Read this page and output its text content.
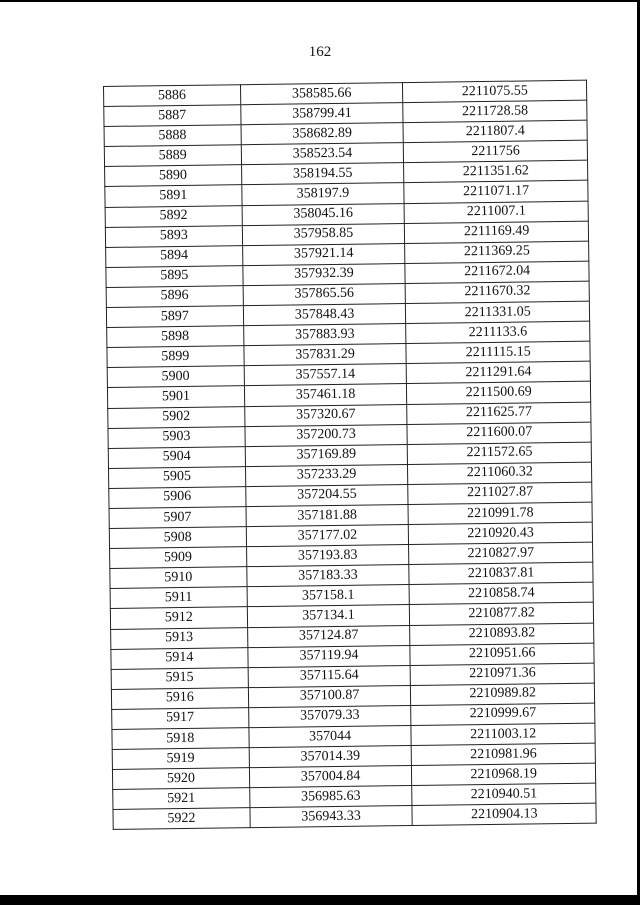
162
5886	358585.66	2211075.55
5887	358799.41	2211728.58
5888	358682.89	2211807.4
5889	358523.54	2211756
5890	358194.55	2211351.62
5891	358197.9	2211071.17
5892	358045.16	2211007.1
5893	357958.85	2211169.49
5894	357921.14	2211369.25
5895	357932.39	2211672.04
5896	357865.56	2211670.32
5897	357848.43	2211331.05
5898	357883.93	2211133.6
5899	357831.29	2211115.15
5900	357557.14	2211291.64
5901	357461.18	2211500.69
5902	357320.67	2211625.77
5903	357200.73	2211600.07
5904	357169.89	2211572.65
5905	357233.29	2211060.32
5906	357204.55	2211027.87
5907	357181.88	2210991.78
5908	357177.02	2210920.43
5909	357193.83	2210827.97
5910	357183.33	2210837.81
5911	357158.1	2210858.74
5912	357134.1	2210877.82
5913	357124.87	2210893.82
5914	357119.94	2210951.66
5915	357115.64	2210971.36
5916	357100.87	2210989.82
5917	357079.33	2210999.67
5918	357044	2211003.12
5919	357014.39	2210981.96
5920	357004.84	2210968.19
5921	356985.63	2210940.51
5922	356943.33	2210904.13
